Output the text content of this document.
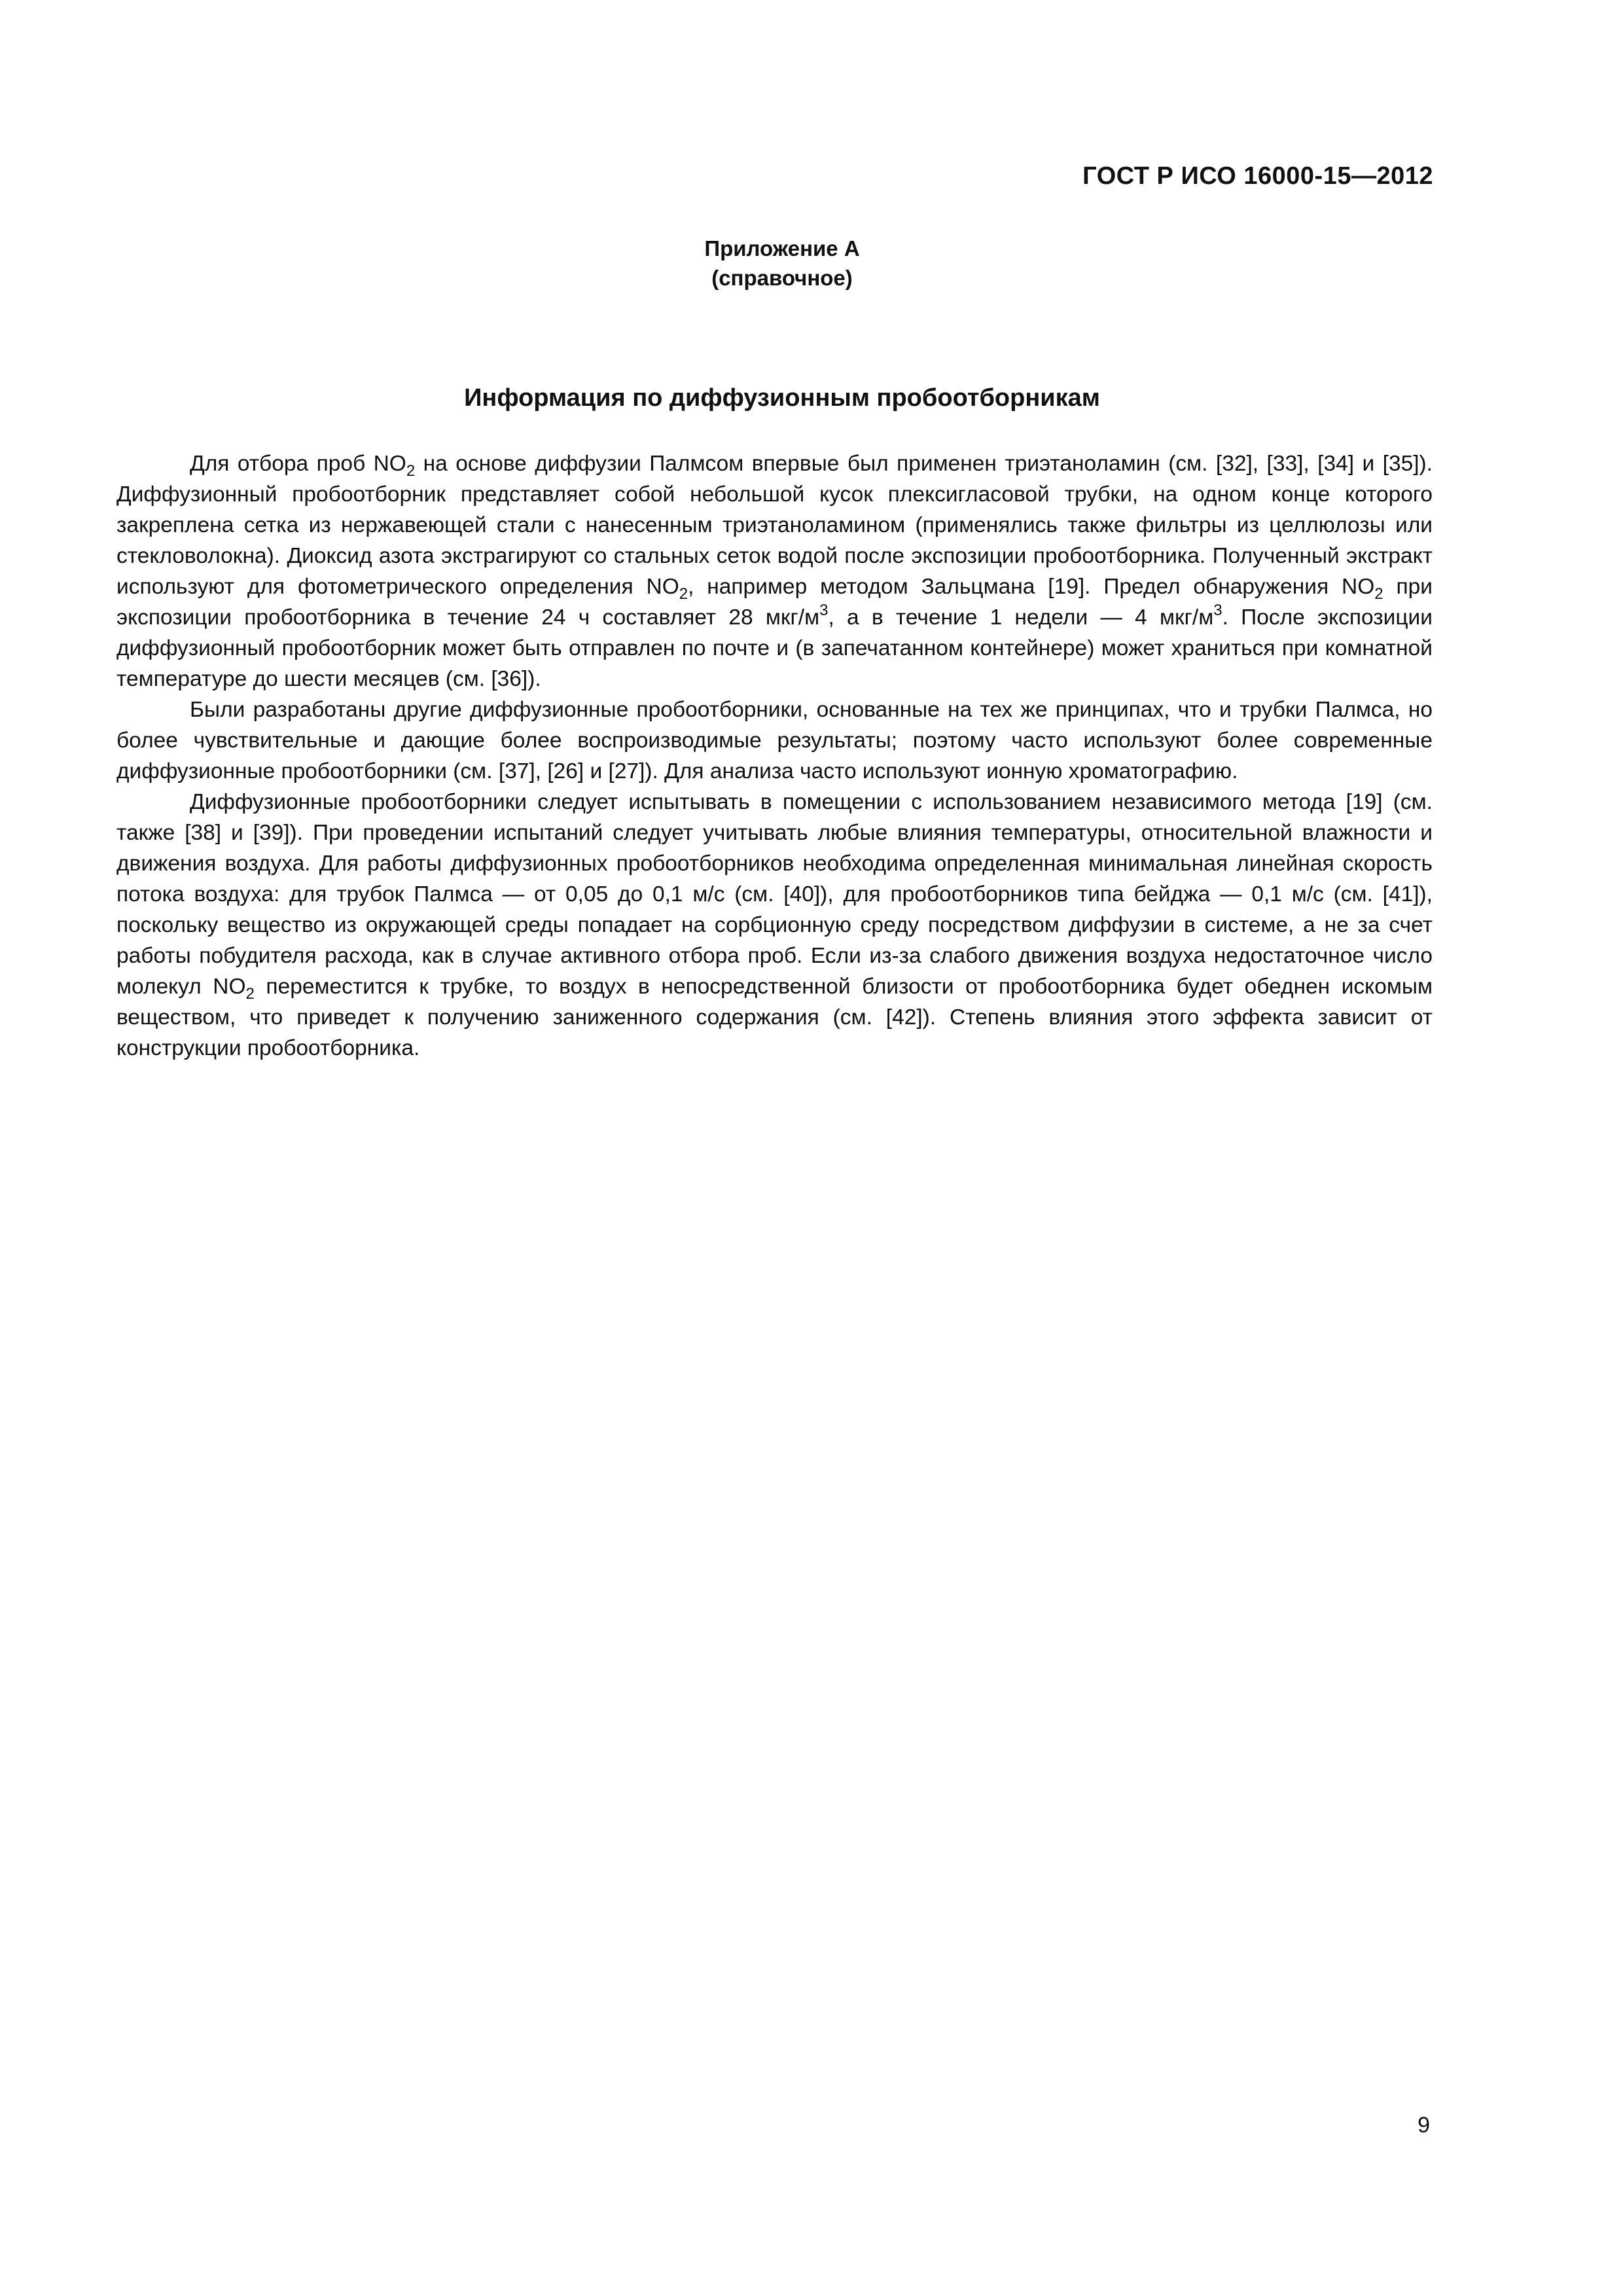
ГОСТ Р ИСО 16000-15—2012
Приложение А
(справочное)
Информация по диффузионным пробоотборникам

Для отбора проб $NO_2$ на основе диффузии Палмсом впервые был применен триэтаноламин (см. [32], [33], [34] и [35]). Диффузионный пробоотборник представляет собой небольшой кусок плексигласовой трубки, на одном конце которого закреплена сетка из нержавеющей стали с нанесенным триэтаноламином (применялись также фильтры из целлюлозы или стекловолокна). Диоксид азота экстрагируют со стальных сеток водой после экспозиции пробоотборника. Полученный экстракт используют для фотометрического определения $NO_2$, например методом Зальцмана [19]. Предел обнаружения $NO_2$ при экспозиции пробоотборника в течение 24 ч составляет 28 мкг/$м^3$, а в течение 1 недели — 4 мкг/$м^3$. После экспозиции диффузионный пробоотборник может быть отправлен по почте и (в запечатанном контейнере) может храниться при комнатной температуре до шести месяцев (см. [36]).

Были разработаны другие диффузионные пробоотборники, основанные на тех же принципах, что и трубки Палмса, но более чувствительные и дающие более воспроизводимые результаты; поэтому часто используют более современные диффузионные пробоотборники (см. [37], [26] и [27]). Для анализа часто используют ионную хроматографию.

Диффузионные пробоотборники следует испытывать в помещении с использованием независимого метода [19] (см. также [38] и [39]). При проведении испытаний следует учитывать любые влияния температуры, относительной влажности и движения воздуха. Для работы диффузионных пробоотборников необходима определенная минимальная линейная скорость потока воздуха: для трубок Палмса — от 0,05 до 0,1 м/с (см. [40]), для пробоотборников типа бейджа — 0,1 м/с (см. [41]), поскольку вещество из окружающей среды попадает на сорбционную среду посредством диффузии в системе, а не за счет работы побудителя расхода, как в случае активного отбора проб. Если из-за слабого движения воздуха недостаточное число молекул $NO_2$ переместится к трубке, то воздух в непосредственной близости от пробоотборника будет обеднен искомым веществом, что приведет к получению заниженного содержания (см. [42]). Степень влияния этого эффекта зависит от конструкции пробоотборника.

9
